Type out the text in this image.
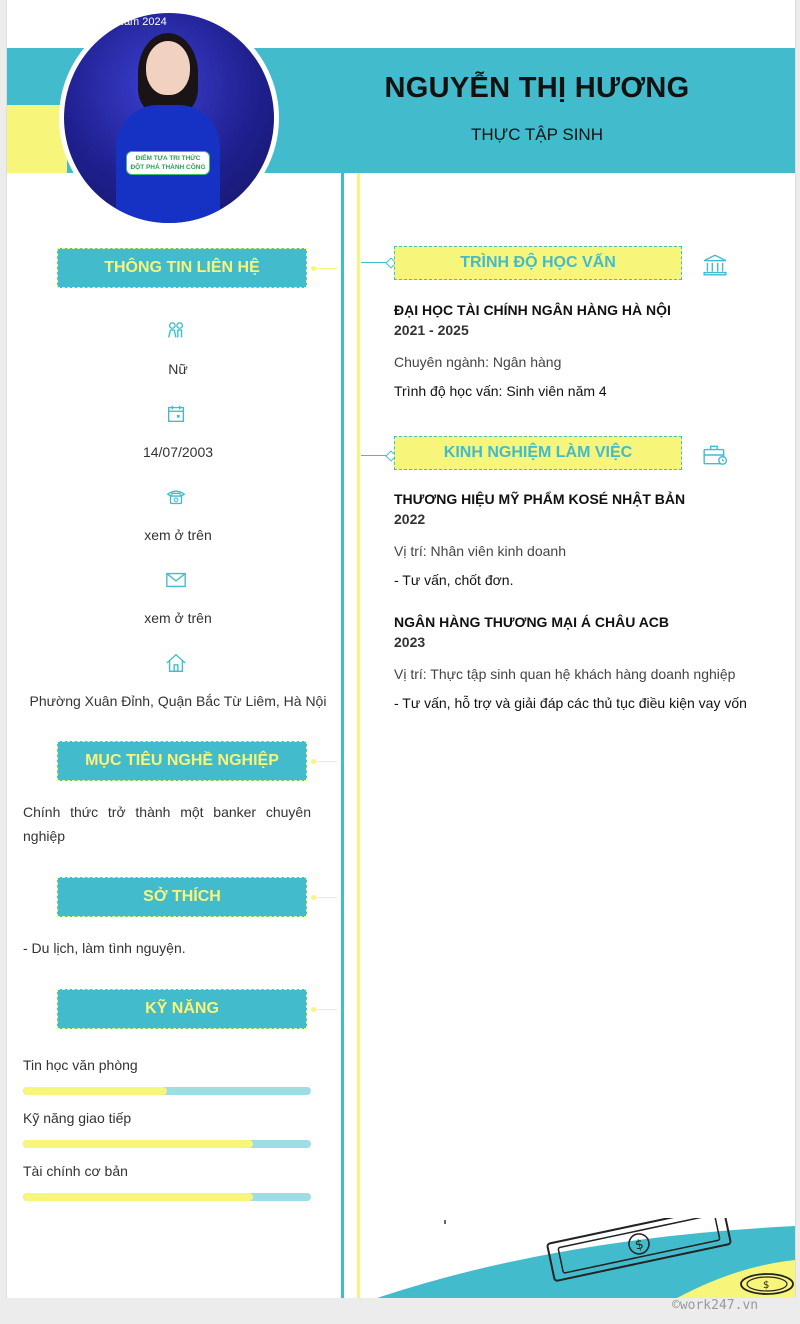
Năm 2024
ĐIỂM TỰA TRI THỨC
ĐỘT PHÁ THÀNH CÔNG
NGUYỄN THỊ HƯƠNG
THỰC TẬP SINH
THÔNG TIN LIÊN HỆ
Nữ
14/07/2003
xem ở trên
xem ở trên
Phường Xuân Đỉnh, Quận Bắc Từ Liêm, Hà Nội
MỤC TIÊU NGHỀ NGHIỆP
Chính thức trở thành một banker chuyên nghiệp
SỞ THÍCH
- Du lịch, làm tình nguyện.
KỸ NĂNG
Tin học văn phòng
Kỹ năng giao tiếp
Tài chính cơ bản
TRÌNH ĐỘ HỌC VẤN
ĐẠI HỌC TÀI CHÍNH NGÂN HÀNG HÀ NỘI
2021 - 2025
Chuyên ngành: Ngân hàng
Trình độ học vấn: Sinh viên năm 4
KINH NGHIỆM LÀM VIỆC
THƯƠNG HIỆU MỸ PHẨM KOSÉ NHẬT BẢN
2022
Vị trí: Nhân viên kinh doanh
- Tư vấn, chốt đơn.
NGÂN HÀNG THƯƠNG MẠI Á CHÂU ACB
2023
Vị trí: Thực tập sinh quan hệ khách hàng doanh nghiệp
- Tư vấn, hỗ trợ và giải đáp các thủ tục điều kiện vay vốn
$
$
©work247.vn
